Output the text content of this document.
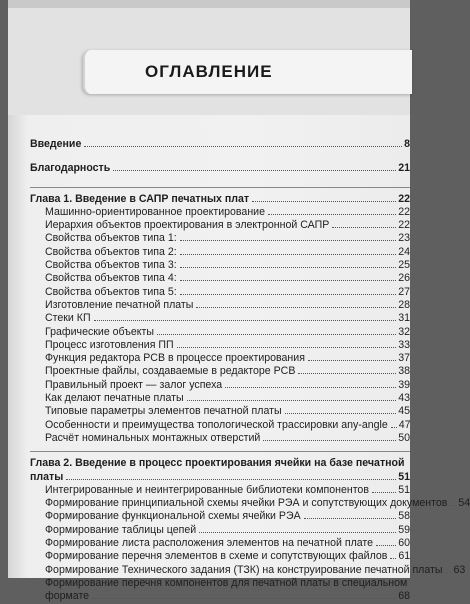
ОГЛАВЛЕНИЕ
Введение	8
Благодарность	21
Глава 1. Введение в САПР печатных плат	22
Машинно-ориентированное проектирование	22
Иерархия объектов проектирования в электронной САПР	22
Свойства объектов типа 1:	23
Свойства объектов типа 2:	24
Свойства объектов типа 3:	25
Свойства объектов типа 4:	26
Свойства объектов типа 5:	27
Изготовление печатной платы	28
Стеки КП	31
Графические объекты	32
Процесс изготовления ПП	33
Функция редактора PCB в процессе проектирования	37
Проектные файлы, создаваемые в редакторе PCB	38
Правильный проект — залог успеха	39
Как делают печатные платы	43
Типовые параметры элементов печатной платы	45
Особенности и преимущества топологической трассировки any-angle 47
Расчёт номинальных монтажных отверстий	50
Глава 2. Введение в процесс проектирования ячейки на базе печатной
платы	51
Интегрированные и неинтегрированные библиотеки компонентов	51
Формирование принципиальной схемы ячейки РЭА и сопутствующих документов 54
Формирование функциональной схемы ячейки РЭА	58
Формирование таблицы цепей	59
Формирование листа расположения элементов на печатной плате 60
Формирование перечня элементов в схеме и сопутствующих файлов 61
Формирование Технического задания (ТЗК) на конструирование печатной платы 63
Формирование перечня компонентов для печатной платы в специальном
формате	68
